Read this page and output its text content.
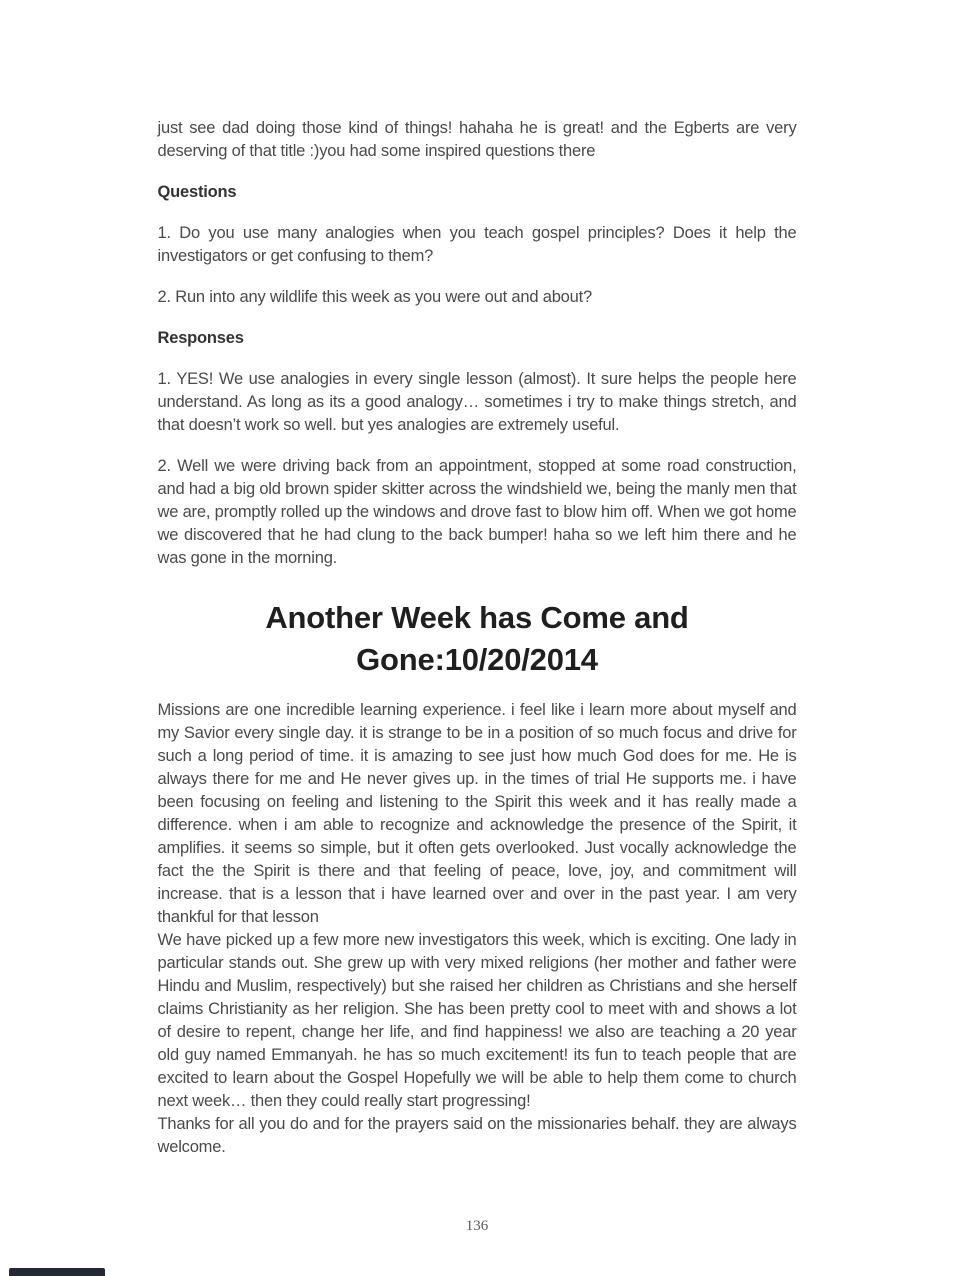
just see dad doing those kind of things! hahaha he is great! and the Egberts are very deserving of that title :)you had some inspired questions there

Questions

1. Do you use many analogies when you teach gospel principles? Does it help the investigators or get confusing to them?

2. Run into any wildlife this week as you were out and about?

Responses

1. YES! We use analogies in every single lesson (almost). It sure helps the people here understand. As long as its a good analogy… sometimes i try to make things stretch, and that doesn’t work so well. but yes analogies are extremely useful.

2. Well we were driving back from an appointment, stopped at some road construction, and had a big old brown spider skitter across the windshield we, being the manly men that we are, promptly rolled up the windows and drove fast to blow him off. When we got home we discovered that he had clung to the back bumper! haha so we left him there and he was gone in the morning.

Another Week has Come and Gone:10/20/2014

Missions are one incredible learning experience. i feel like i learn more about myself and my Savior every single day. it is strange to be in a position of so much focus and drive for such a long period of time. it is amazing to see just how much God does for me. He is always there for me and He never gives up. in the times of trial He supports me. i have been focusing on feeling and listening to the Spirit this week and it has really made a difference. when i am able to recognize and acknowledge the presence of the Spirit, it amplifies. it seems so simple, but it often gets overlooked. Just vocally acknowledge the fact the the Spirit is there and that feeling of peace, love, joy, and commitment will increase. that is a lesson that i have learned over and over in the past year. I am very thankful for that lesson

We have picked up a few more new investigators this week, which is exciting. One lady in particular stands out. She grew up with very mixed religions (her mother and father were Hindu and Muslim, respectively) but she raised her children as Christians and she herself claims Christianity as her religion. She has been pretty cool to meet with and shows a lot of desire to repent, change her life, and find happiness! we also are teaching a 20 year old guy named Emmanyah. he has so much excitement! its fun to teach people that are excited to learn about the Gospel Hopefully we will be able to help them come to church next week… then they could really start progressing!

Thanks for all you do and for the prayers said on the missionaries behalf. they are always welcome.

136
